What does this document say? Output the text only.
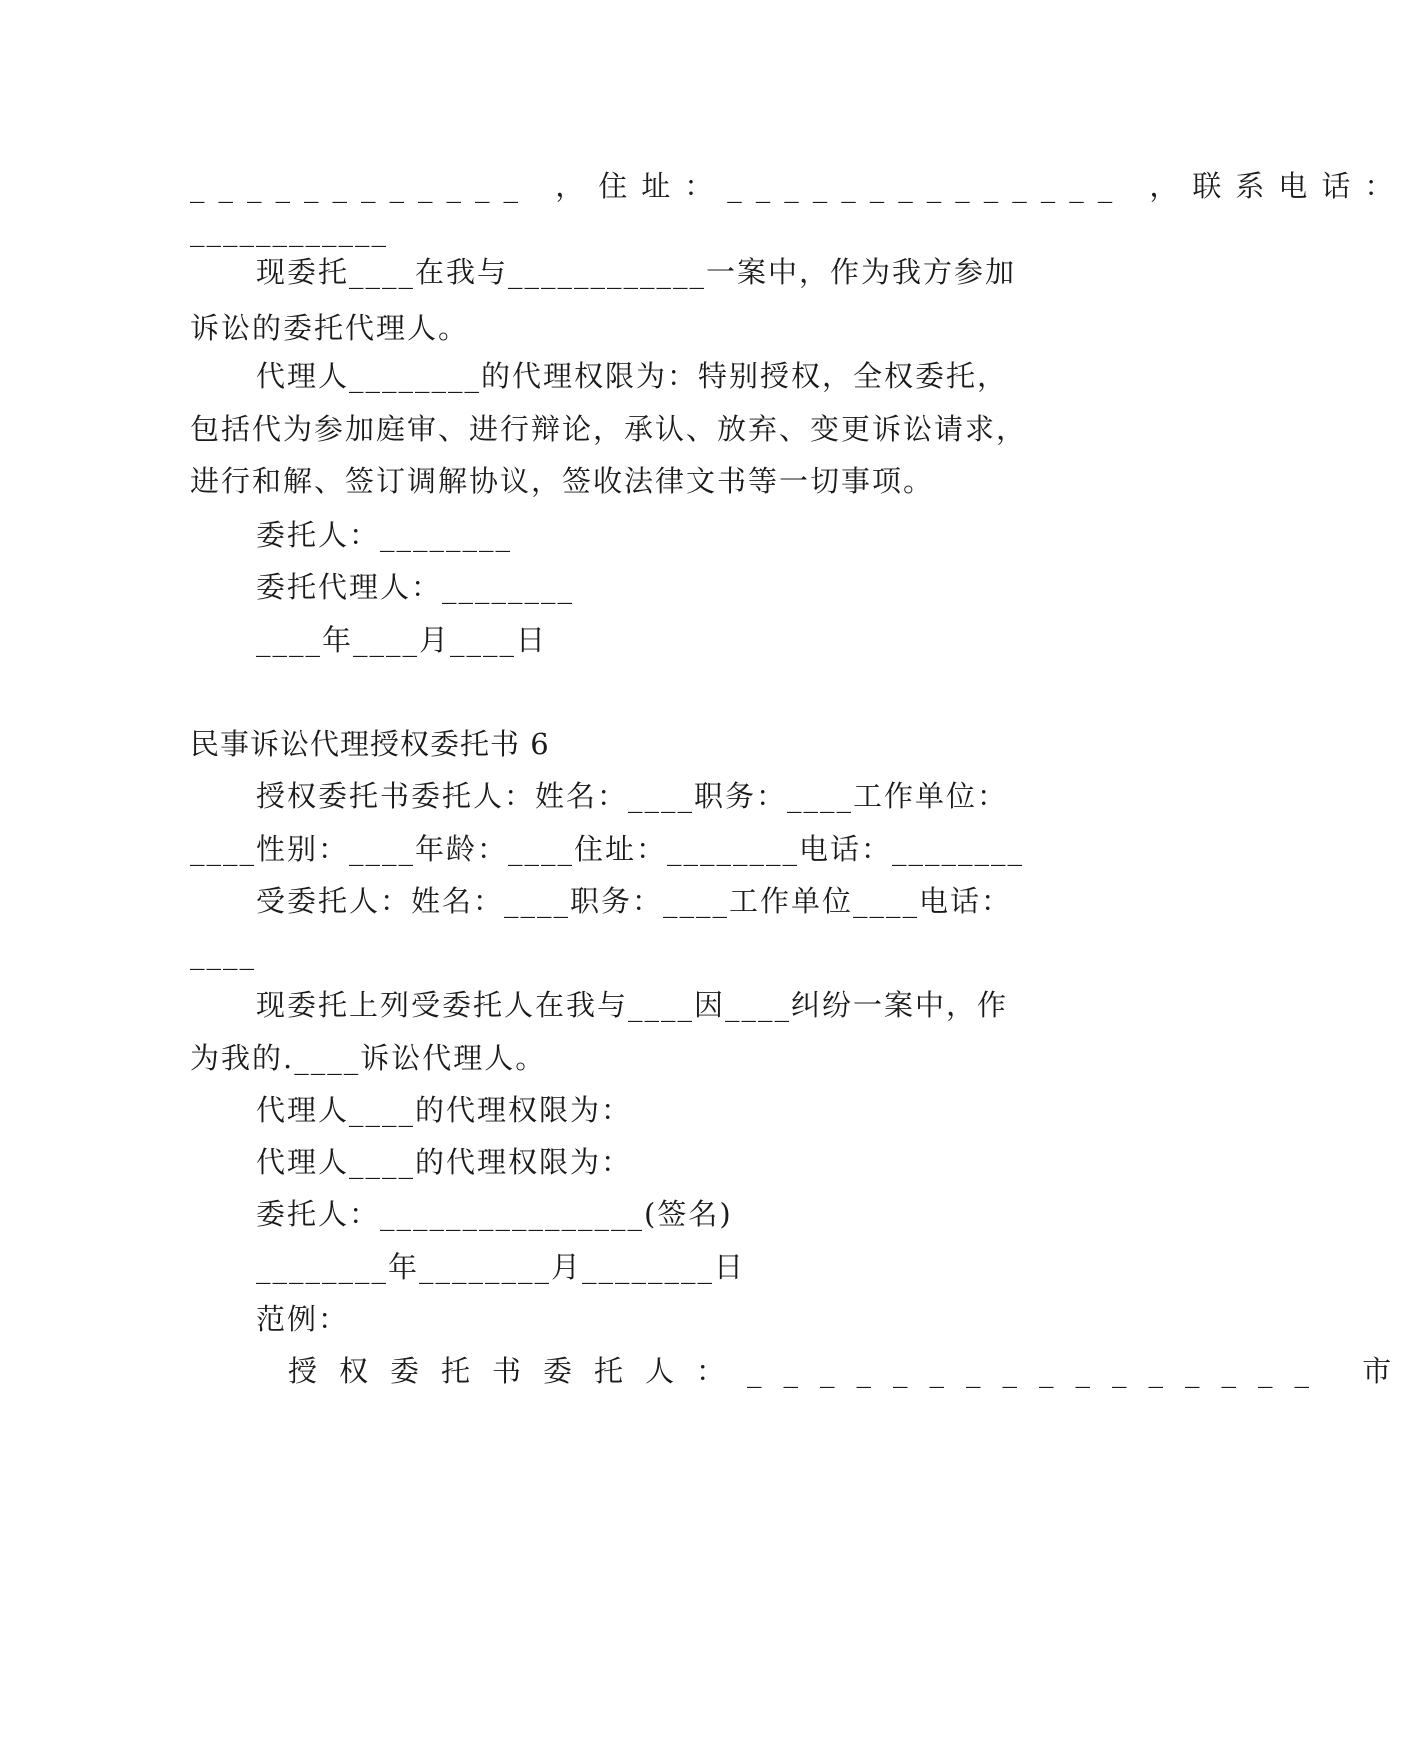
____________ ，住址：______________ ，联系电话：
____________
现委托____在我与____________一案中，作为我方参加
诉讼的委托代理人。
代理人________的代理权限为：特别授权，全权委托，
包括代为参加庭审、进行辩论，承认、放弃、变更诉讼请求，
进行和解、签订调解协议，签收法律文书等一切事项。
委托人：________
委托代理人：________
____年____月____日
民事诉讼代理授权委托书 6
授权委托书委托人：姓名：____职务：____工作单位：
____性别：____年龄：____住址：________电话：________
受委托人：姓名：____职务：____工作单位____电话：
____
现委托上列受委托人在我与____因____纠纷一案中，作
为我的.____诉讼代理人。
代理人____的代理权限为：
代理人____的代理权限为：
委托人：________________(签名)
________年________月________日
范例：
授权委托书委托人：________________ 市
